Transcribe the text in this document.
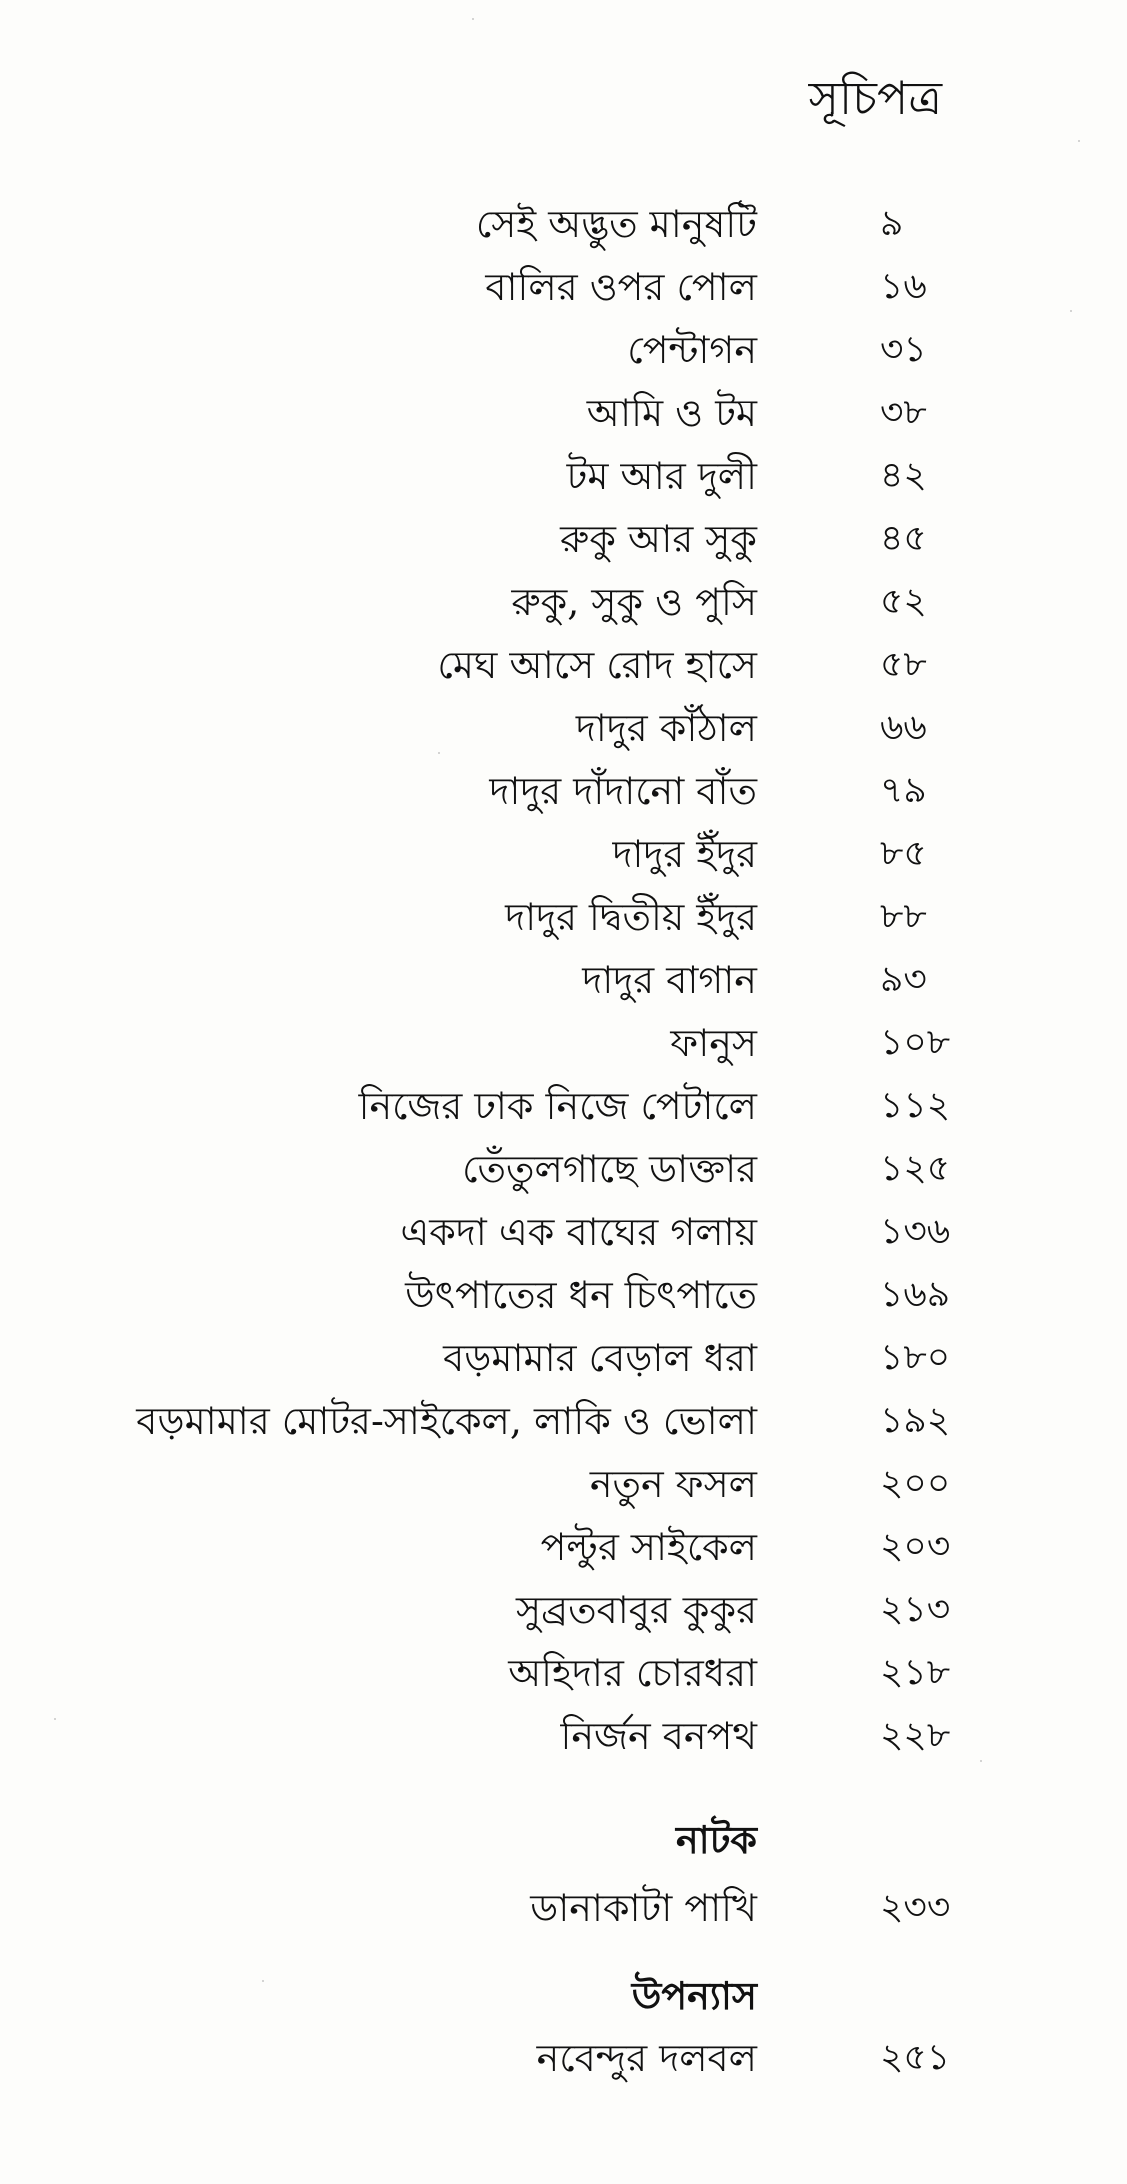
সূচিপত্র
সেই অদ্ভুত মানুষটি	৯
বালির ওপর পোল	১৬
পেন্টাগন	৩১
আমি ও টম	৩৮
টম আর দুলী	৪২
রুকু আর সুকু	৪৫
রুকু, সুকু ও পুসি	৫২
মেঘ আসে রোদ হাসে	৫৮
দাদুর কাঁঠাল	৬৬
দাদুর দাঁদানো বাঁত	৭৯
দাদুর ইঁদুর	৮৫
দাদুর দ্বিতীয় ইঁদুর	৮৮
দাদুর বাগান	৯৩
ফানুস	১০৮
নিজের ঢাক নিজে পেটালে	১১২
তেঁতুলগাছে ডাক্তার	১২৫
একদা এক বাঘের গলায়	১৩৬
উৎপাতের ধন চিৎপাতে	১৬৯
বড়মামার বেড়াল ধরা	১৮০
বড়মামার মোটর-সাইকেল, লাকি ও ভোলা	১৯২
নতুন ফসল	২০০
পল্টুর সাইকেল	২০৩
সুব্রতবাবুর কুকুর	২১৩
অহিদার চোরধরা	২১৮
নির্জন বনপথ	২২৮
নাটক
ডানাকাটা পাখি	২৩৩
উপন্যাস
নবেন্দুর দলবল	২৫১
